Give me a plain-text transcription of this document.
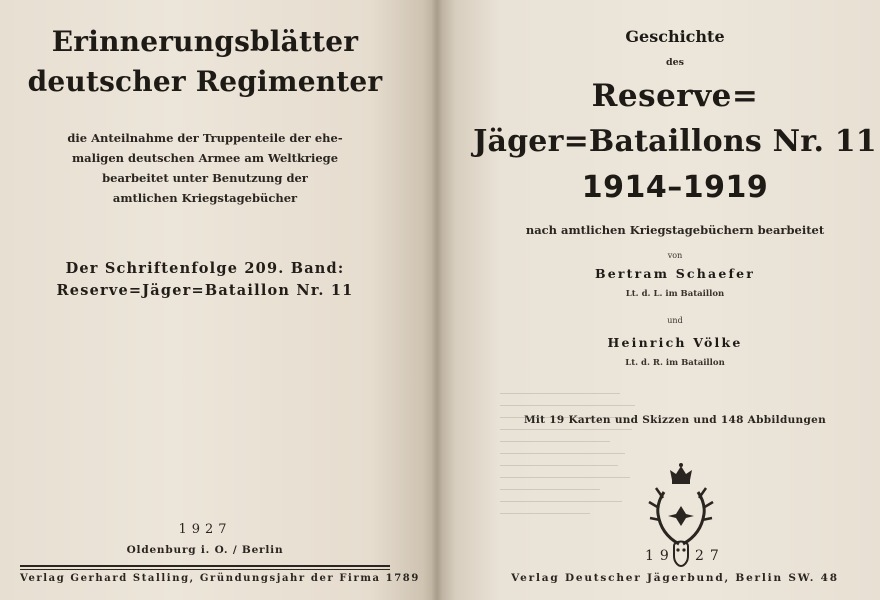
Erinnerungsblätter
deutscher Regimenter
die Anteilnahme der Truppenteile der ehe-
maligen deutschen Armee am Weltkriege
bearbeitet unter Benutzung der
amtlichen Kriegstagebücher
Der Schriftenfolge 209. Band:
Reserve=Jäger=Bataillon Nr. 11
1927
Oldenburg i. O. / Berlin
Verlag Gerhard Stalling, Gründungsjahr der Firma 1789
Geschichte
des
Reserve=
Jäger=Bataillons Nr. 11
1914–1919
nach amtlichen Kriegstagebüchern bearbeitet
von
Bertram Schaefer
Lt. d. L. im Bataillon
und
Heinrich Völke
Lt. d. R. im Bataillon
Mit 19 Karten und Skizzen und 148 Abbildungen
19 27
Verlag Deutscher Jägerbund, Berlin SW. 48
